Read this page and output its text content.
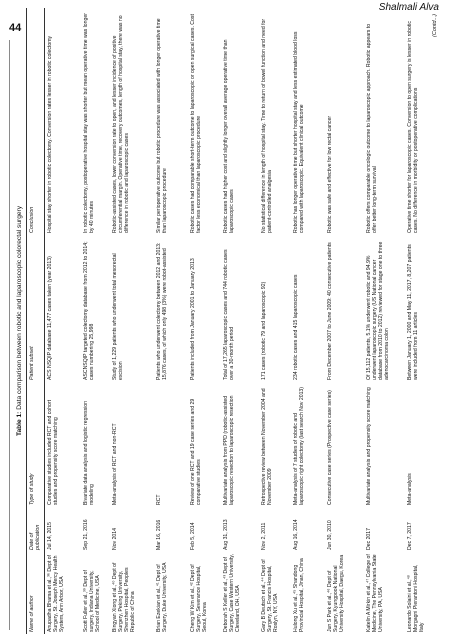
Shalmali Alva
44
Table 1: Data comparison between robotic and laparoscopic colorectal surgery
Name of author
Date of publication
Type of study
Patient subset
Conclusion
Anupadha Bhama et al.,³⁶ Dept of Surgery, St. Joseph Mercy Health System, Ann Arbor, USA
Jul 14, 2015
Comparative studies included RCT and cohort studies and propensity score matching
ACS NSQIP database 11,477 cases taken (year 2013)
Hospital stay shorter in robotic colectomy. Conversion rates lesser in robotic colectomy
Scott Fuller et al.,³⁹ Dept of surgery, Indiana University, School of Medicine, USA
Sep 21, 2016
Bivariate data analysis and logistic regression modeling
ASCNSQIP targeted colectomy database from 2012 to 2014; cases numbering 25,998
In robotic colectomy, postoperative hospital stay was shorter but mean operative time was longer by 40 minutes
Bingyan Xiong et al.,⁴⁰ Dept of Surgery, Peking University, Shenzhen Hospital, Peoples Republic of China
Nov 2014
Meta-analysis of RCT and non-RCT
Study of 1,229 patients who underwent total mesorectal excision
Robotic-assisted cases, lower conversion rate to open, and lesser incidence of positive circumferential margin. Operative time, recovery outcomes, length of hospital stay, there was no difference in robotic and laparoscopic cases
Brian Ezekian et al.,⁴¹ Dept of Surgery, Duke University, USA
Mar 16, 2016
RCT
Patients who underwent colectomy between 2012 and 2013: 15,876 cases, of which only 498 (3%) were robot-assisted
Similar perioperative outcome but robotic procedure was associated with longer operative time than laparoscopic procedure
Cheng W Kim et al.,⁴² Dept of Surgery, Severance Hospital, Seoul, Korea
Feb 5, 2014
Review of one RCT and 19 case series and 29 comparative studies
Patients included from January 2001 to January 2013
Robotic cases had comparable short-term outcome to laparoscopic or open surgical cases. Cost factor less economical than laparoscopic procedure
Deborah S Keller et al.,⁴³ Dept of Surgery, Case Western University, Cleveland, OH, USA
Aug 31, 2013
Multivariate analysis from PPD (robotic-assisted laparoscopic resection to laparoscopic resection
Total of 17,265 laparoscopic cases and 744 robotic cases over a 30-month period
Robotic cases had higher cost and slightly longer overall average operative time than laparoscopic cases
Gary B Deutsch et al.,⁴⁴ Dept of Surgery, St. Francis Hospital, Roslyn, NY, USA
Nov 2, 2011
Retrospective review between November 2004 and November 2009
171 cases (robotic 79 and laparoscopic 92)
No statistical difference in length of hospital stay. Time to return of bowel function and need for patient-controlled analgesia
Hulong Xu et al.,⁴⁵ Shandong Provincial Hospital, Jinan, China
Aug 16, 2014
Meta-analysis of 7 studies of robotic and laparoscopic right colectomy (last search Nov 2013)
234 robotic cases and 415 laparoscopic cases
Robotic has longer operative time but shorter hospital stay and less estimated blood loss compared with laparoscopic. Equivalent clinical outcome
Jun S Park et al.,⁴⁶ Dept of Surgery, Kyungpook National University Hospital, Daegu, Korea
Jun 30, 2010
Consecutive case series (Prospective case series)
From December 2007 to June 2009: 40 consecutive patients
Robotic was safe and effective for low rectal cancer
Katelin A Mirkin et al.,⁴⁷ College of Medicine, The Pennsylvania State University, PA, USA
Dec 2017
Multivariate analysis and propensity score matching
Of 15,112 patients, 5.1% underwent robotic and 94.9% underwent laparoscopic surgery (US National cancer database from 2010 to 2012) reviewed for stage one to three adenocarcinoma colon
Robotic offers comparable oncologic outcome to laparoscopic approach. Robotic appears to offer better long-term survival
Leonardo Solaini et al.,⁴⁸ Morgagni Pierantoni Hospital, Italy
Dec 7, 2017
Meta-analysis
Between January 1, 2000 and May 11, 2017, 8,207 patients were included from 11 articles
Operative time shorter for laparoscopic cases. Conversion to open surgery is lesser in robotic cases. No difference in morbidity or postoperative complications
(Contd...)
